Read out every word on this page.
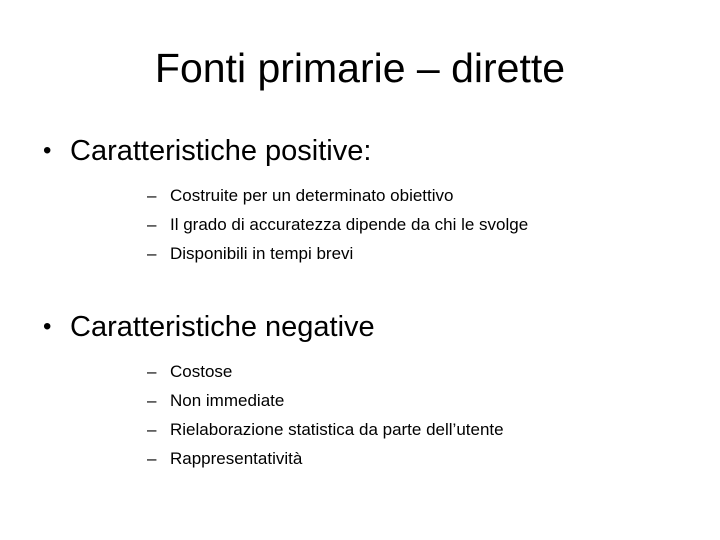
Fonti primarie – dirette
• Caratteristiche positive:
– Costruite per un determinato obiettivo
– Il grado di accuratezza dipende da chi le svolge
– Disponibili in tempi brevi
• Caratteristiche negative
– Costose
– Non immediate
– Rielaborazione statistica da parte dell’utente
– Rappresentatività
